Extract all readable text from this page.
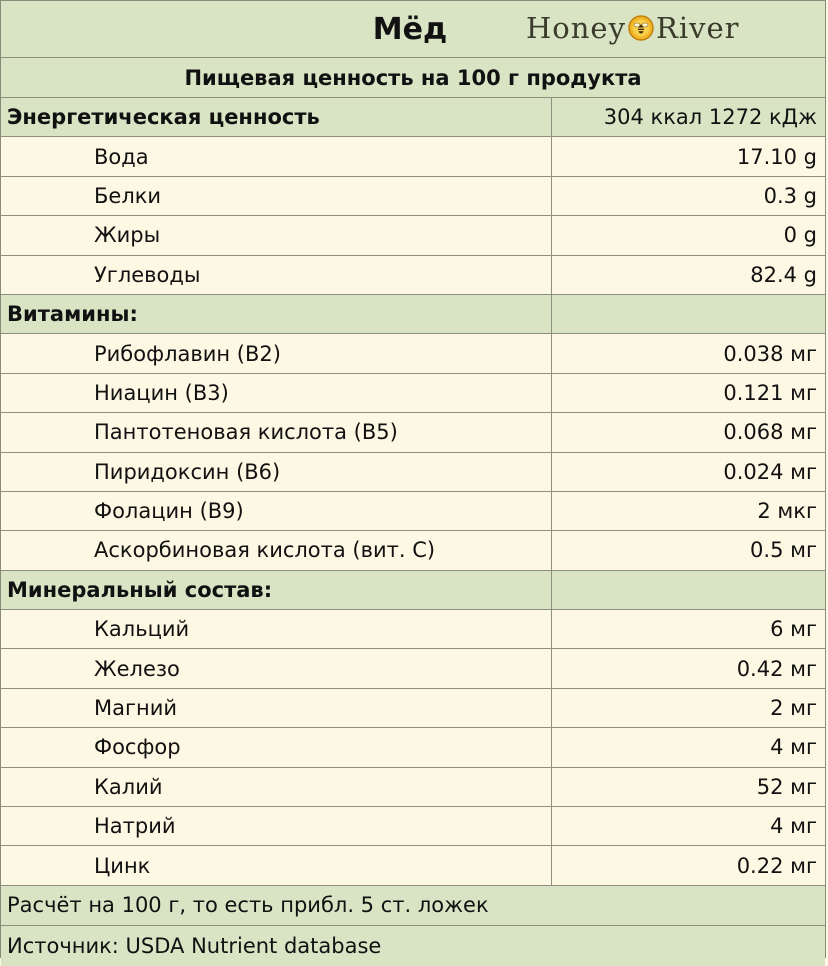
Мёд	Honey River
Пищевая ценность на 100 г продукта
Энергетическая ценность	304 ккал 1272 кДж
Вода	17.10 g
Белки	0.3 g
Жиры	0 g
Углеводы	82.4 g
Витамины:
Рибофлавин (B2)	0.038 мг
Ниацин (B3)	0.121 мг
Пантотеновая кислота (B5)	0.068 мг
Пиридоксин (B6)	0.024 мг
Фолацин (B9)	2 мкг
Аскорбиновая кислота (вит. С)	0.5 мг
Минеральный состав:
Кальций	6 мг
Железо	0.42 мг
Магний	2 мг
Фосфор	4 мг
Калий	52 мг
Натрий	4 мг
Цинк	0.22 мг
Расчёт на 100 г, то есть прибл. 5 ст. ложек
Источник: USDA Nutrient database
